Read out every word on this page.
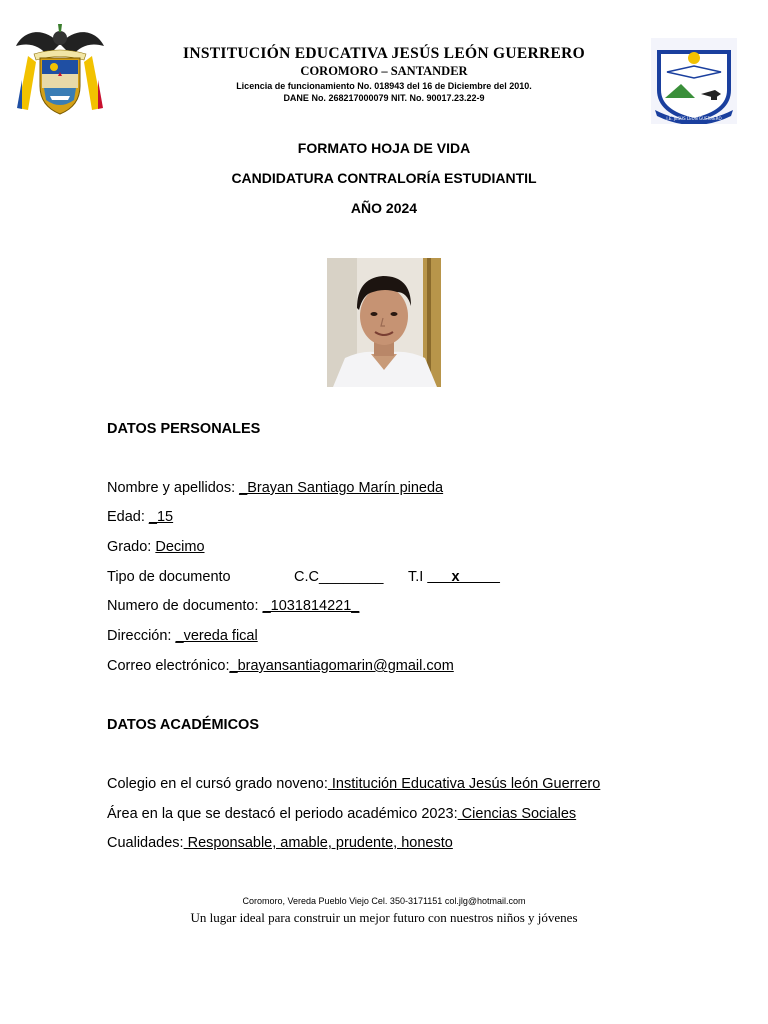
I.E. JESÚS LEÓN GUERRERO
INSTITUCIÓN EDUCATIVA JESÚS LEÓN GUERRERO
COROMORO – SANTANDER
Licencia de funcionamiento No. 018943 del 16 de Diciembre del 2010.
DANE No. 268217000079 NIT. No. 90017.23.22-9
FORMATO HOJA DE VIDA
CANDIDATURA CONTRALORÍA ESTUDIANTIL
AÑO 2024
DATOS PERSONALES
Nombre y apellidos: _Brayan Santiago Marín pineda
Edad: _15
Grado: Decimo
Tipo de documento	C.C________ T.I ___x_____
Numero de documento: _1031814221_
Dirección: _vereda fical
Correo electrónico:_brayansantiagomarin@gmail.com
DATOS ACADÉMICOS
Colegio en el cursó grado noveno: Institución Educativa Jesús león Guerrero
Área en la que se destacó el periodo académico 2023: Ciencias Sociales
Cualidades: Responsable, amable, prudente, honesto
Coromoro, Vereda Pueblo Viejo Cel. 350-3171151 col.jlg@hotmail.com
Un lugar ideal para construir un mejor futuro con nuestros niños y jóvenes
